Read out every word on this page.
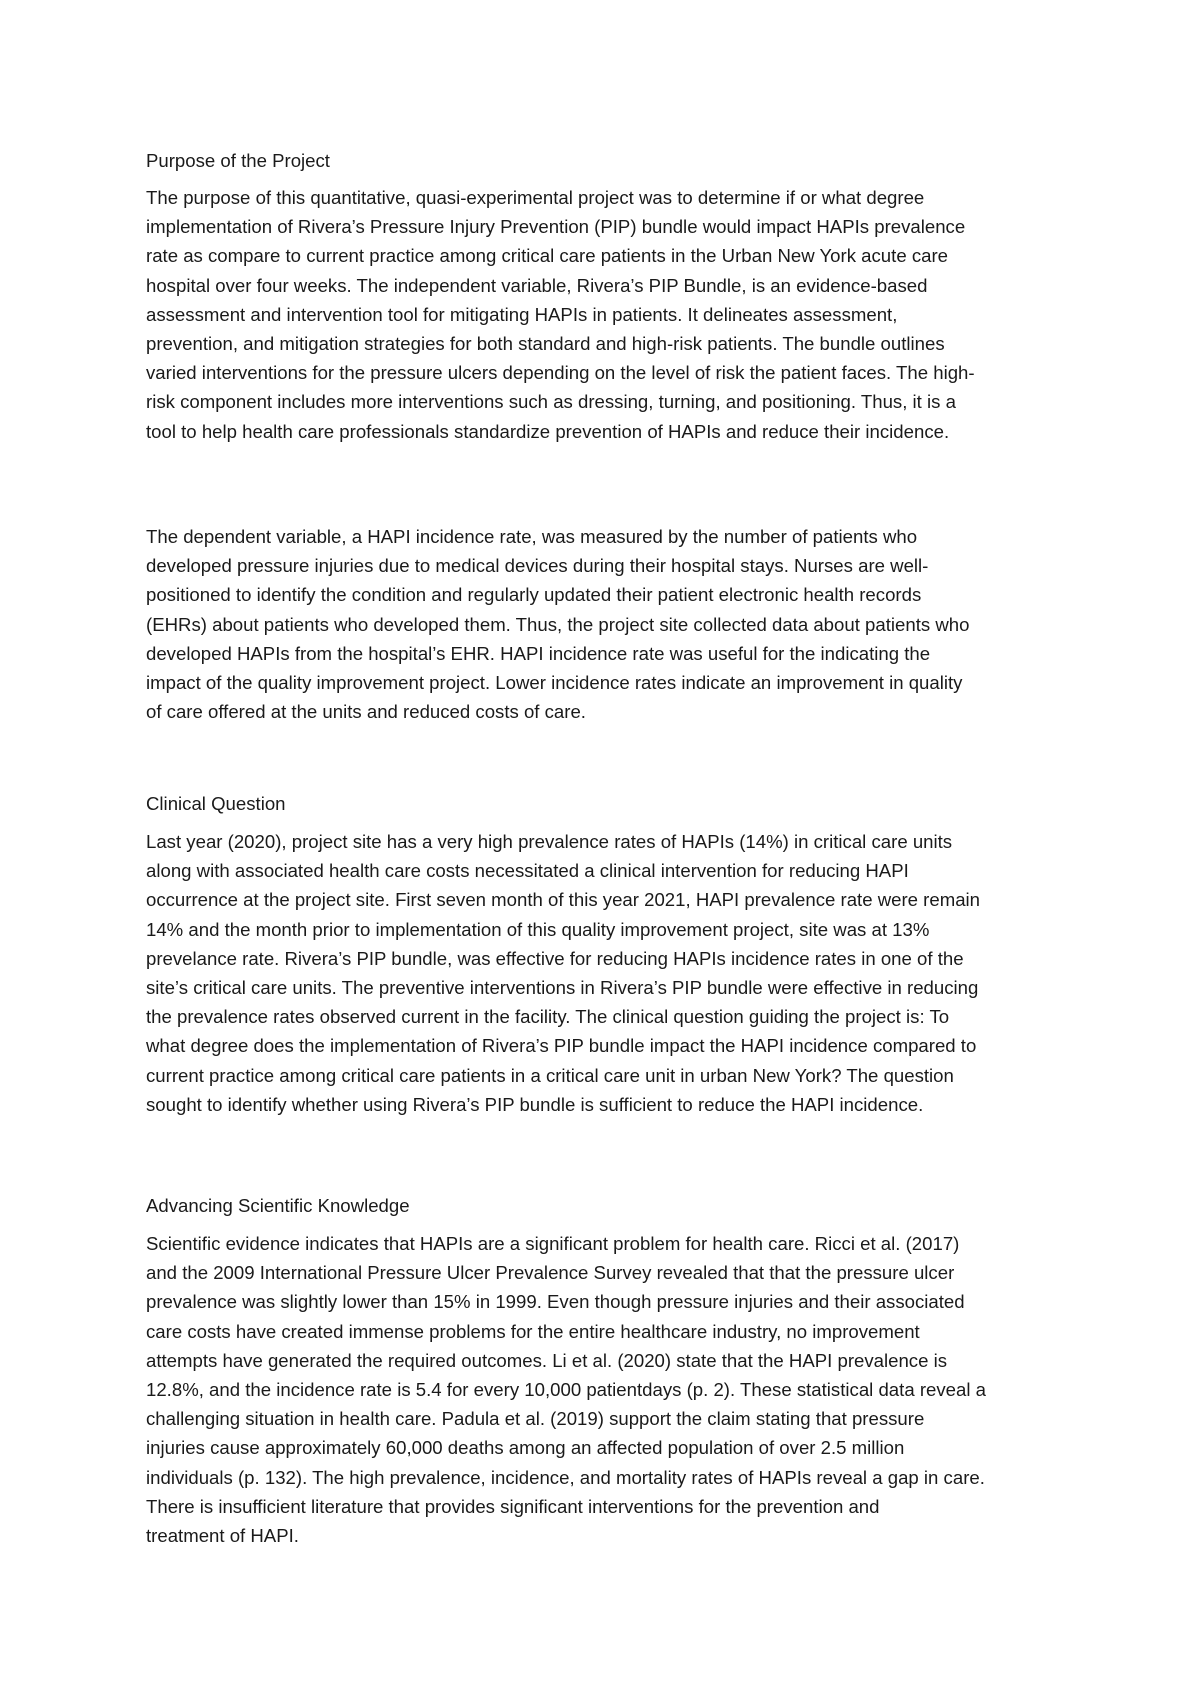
Purpose of the Project
The purpose of this quantitative, quasi-experimental project was to determine if or what degree
implementation of Rivera’s Pressure Injury Prevention (PIP) bundle would impact HAPIs prevalence
rate as compare to current practice among critical care patients in the Urban New York acute care
hospital over four weeks. The independent variable, Rivera’s PIP Bundle, is an evidence-based
assessment and intervention tool for mitigating HAPIs in patients. It delineates assessment,
prevention, and mitigation strategies for both standard and high-risk patients. The bundle outlines
varied interventions for the pressure ulcers depending on the level of risk the patient faces. The high-
risk component includes more interventions such as dressing, turning, and positioning. Thus, it is a
tool to help health care professionals standardize prevention of HAPIs and reduce their incidence.
The dependent variable, a HAPI incidence rate, was measured by the number of patients who
developed pressure injuries due to medical devices during their hospital stays. Nurses are well-
positioned to identify the condition and regularly updated their patient electronic health records
(EHRs) about patients who developed them. Thus, the project site collected data about patients who
developed HAPIs from the hospital’s EHR. HAPI incidence rate was useful for the indicating the
impact of the quality improvement project. Lower incidence rates indicate an improvement in quality
of care offered at the units and reduced costs of care.
Clinical Question
Last year (2020), project site has a very high prevalence rates of HAPIs (14%) in critical care units
along with associated health care costs necessitated a clinical intervention for reducing HAPI
occurrence at the project site. First seven month of this year 2021, HAPI prevalence rate were remain
14% and the month prior to implementation of this quality improvement project, site was at 13%
prevelance rate. Rivera’s PIP bundle, was effective for reducing HAPIs incidence rates in one of the
site’s critical care units. The preventive interventions in Rivera’s PIP bundle were effective in reducing
the prevalence rates observed current in the facility. The clinical question guiding the project is: To
what degree does the implementation of Rivera’s PIP bundle impact the HAPI incidence compared to
current practice among critical care patients in a critical care unit in urban New York? The question
sought to identify whether using Rivera’s PIP bundle is sufficient to reduce the HAPI incidence.
Advancing Scientific Knowledge
Scientific evidence indicates that HAPIs are a significant problem for health care. Ricci et al. (2017)
and the 2009 International Pressure Ulcer Prevalence Survey revealed that that the pressure ulcer
prevalence was slightly lower than 15% in 1999. Even though pressure injuries and their associated
care costs have created immense problems for the entire healthcare industry, no improvement
attempts have generated the required outcomes. Li et al. (2020) state that the HAPI prevalence is
12.8%, and the incidence rate is 5.4 for every 10,000 patientdays (p. 2). These statistical data reveal a
challenging situation in health care. Padula et al. (2019) support the claim stating that pressure
injuries cause approximately 60,000 deaths among an affected population of over 2.5 million
individuals (p. 132). The high prevalence, incidence, and mortality rates of HAPIs reveal a gap in care.
There is insufficient literature that provides significant interventions for the prevention and
treatment of HAPI.
